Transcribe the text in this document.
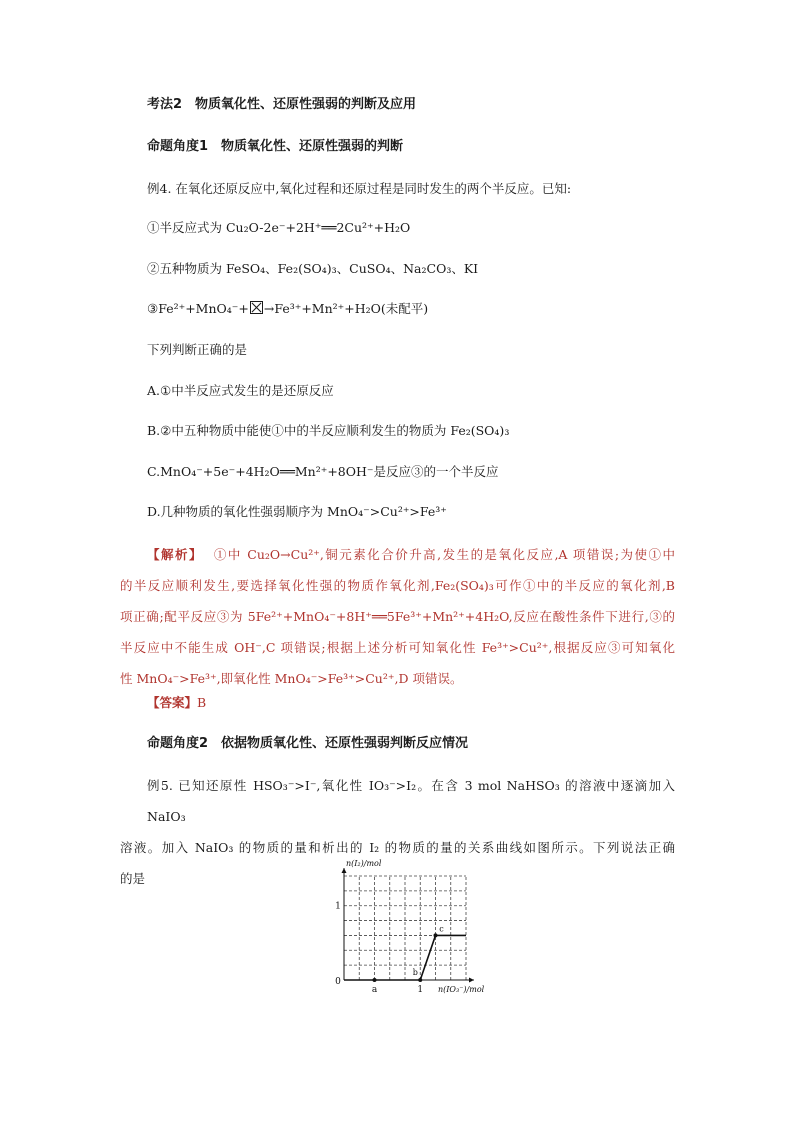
考法2　物质氧化性、还原性强弱的判断及应用
命题角度1　物质氧化性、还原性强弱的判断
例4. 在氧化还原反应中,氧化过程和还原过程是同时发生的两个半反应。已知:
①半反应式为 Cu₂O-2e⁻+2H⁺══2Cu²⁺+H₂O
②五种物质为 FeSO₄、Fe₂(SO₄)₃、CuSO₄、Na₂CO₃、KI
③Fe²⁺+MnO₄⁻+ →Fe³⁺+Mn²⁺+H₂O(未配平)
下列判断正确的是
A.①中半反应式发生的是还原反应
B.②中五种物质中能使①中的半反应顺利发生的物质为 Fe₂(SO₄)₃
C.MnO₄⁻+5e⁻+4H₂O══Mn²⁺+8OH⁻是反应③的一个半反应
D.几种物质的氧化性强弱顺序为 MnO₄⁻>Cu²⁺>Fe³⁺
【解析】 ①中 Cu₂O→Cu²⁺,铜元素化合价升高,发生的是氧化反应,A 项错误;为使①中
的半反应顺利发生,要选择氧化性强的物质作氧化剂,Fe₂(SO₄)₃可作①中的半反应的氧化剂,B
项正确;配平反应③为 5Fe²⁺+MnO₄⁻+8H⁺══5Fe³⁺+Mn²⁺+4H₂O,反应在酸性条件下进行,③的
半反应中不能生成 OH⁻,C 项错误;根据上述分析可知氧化性 Fe³⁺>Cu²⁺,根据反应③可知氧化
性 MnO₄⁻>Fe³⁺,即氧化性 MnO₄⁻>Fe³⁺>Cu²⁺,D 项错误。
【答案】B
命题角度2　依据物质氧化性、还原性强弱判断反应情况
例5. 已知还原性 HSO₃⁻>I⁻,氧化性 IO₃⁻>I₂。在含 3 mol NaHSO₃ 的溶液中逐滴加入 NaIO₃
溶液。加入 NaIO₃ 的物质的量和析出的 I₂ 的物质的量的关系曲线如图所示。下列说法正确
的是
n(I₂)/mol
n(IO₃⁻)/mol
0
1
a	1
b
c
